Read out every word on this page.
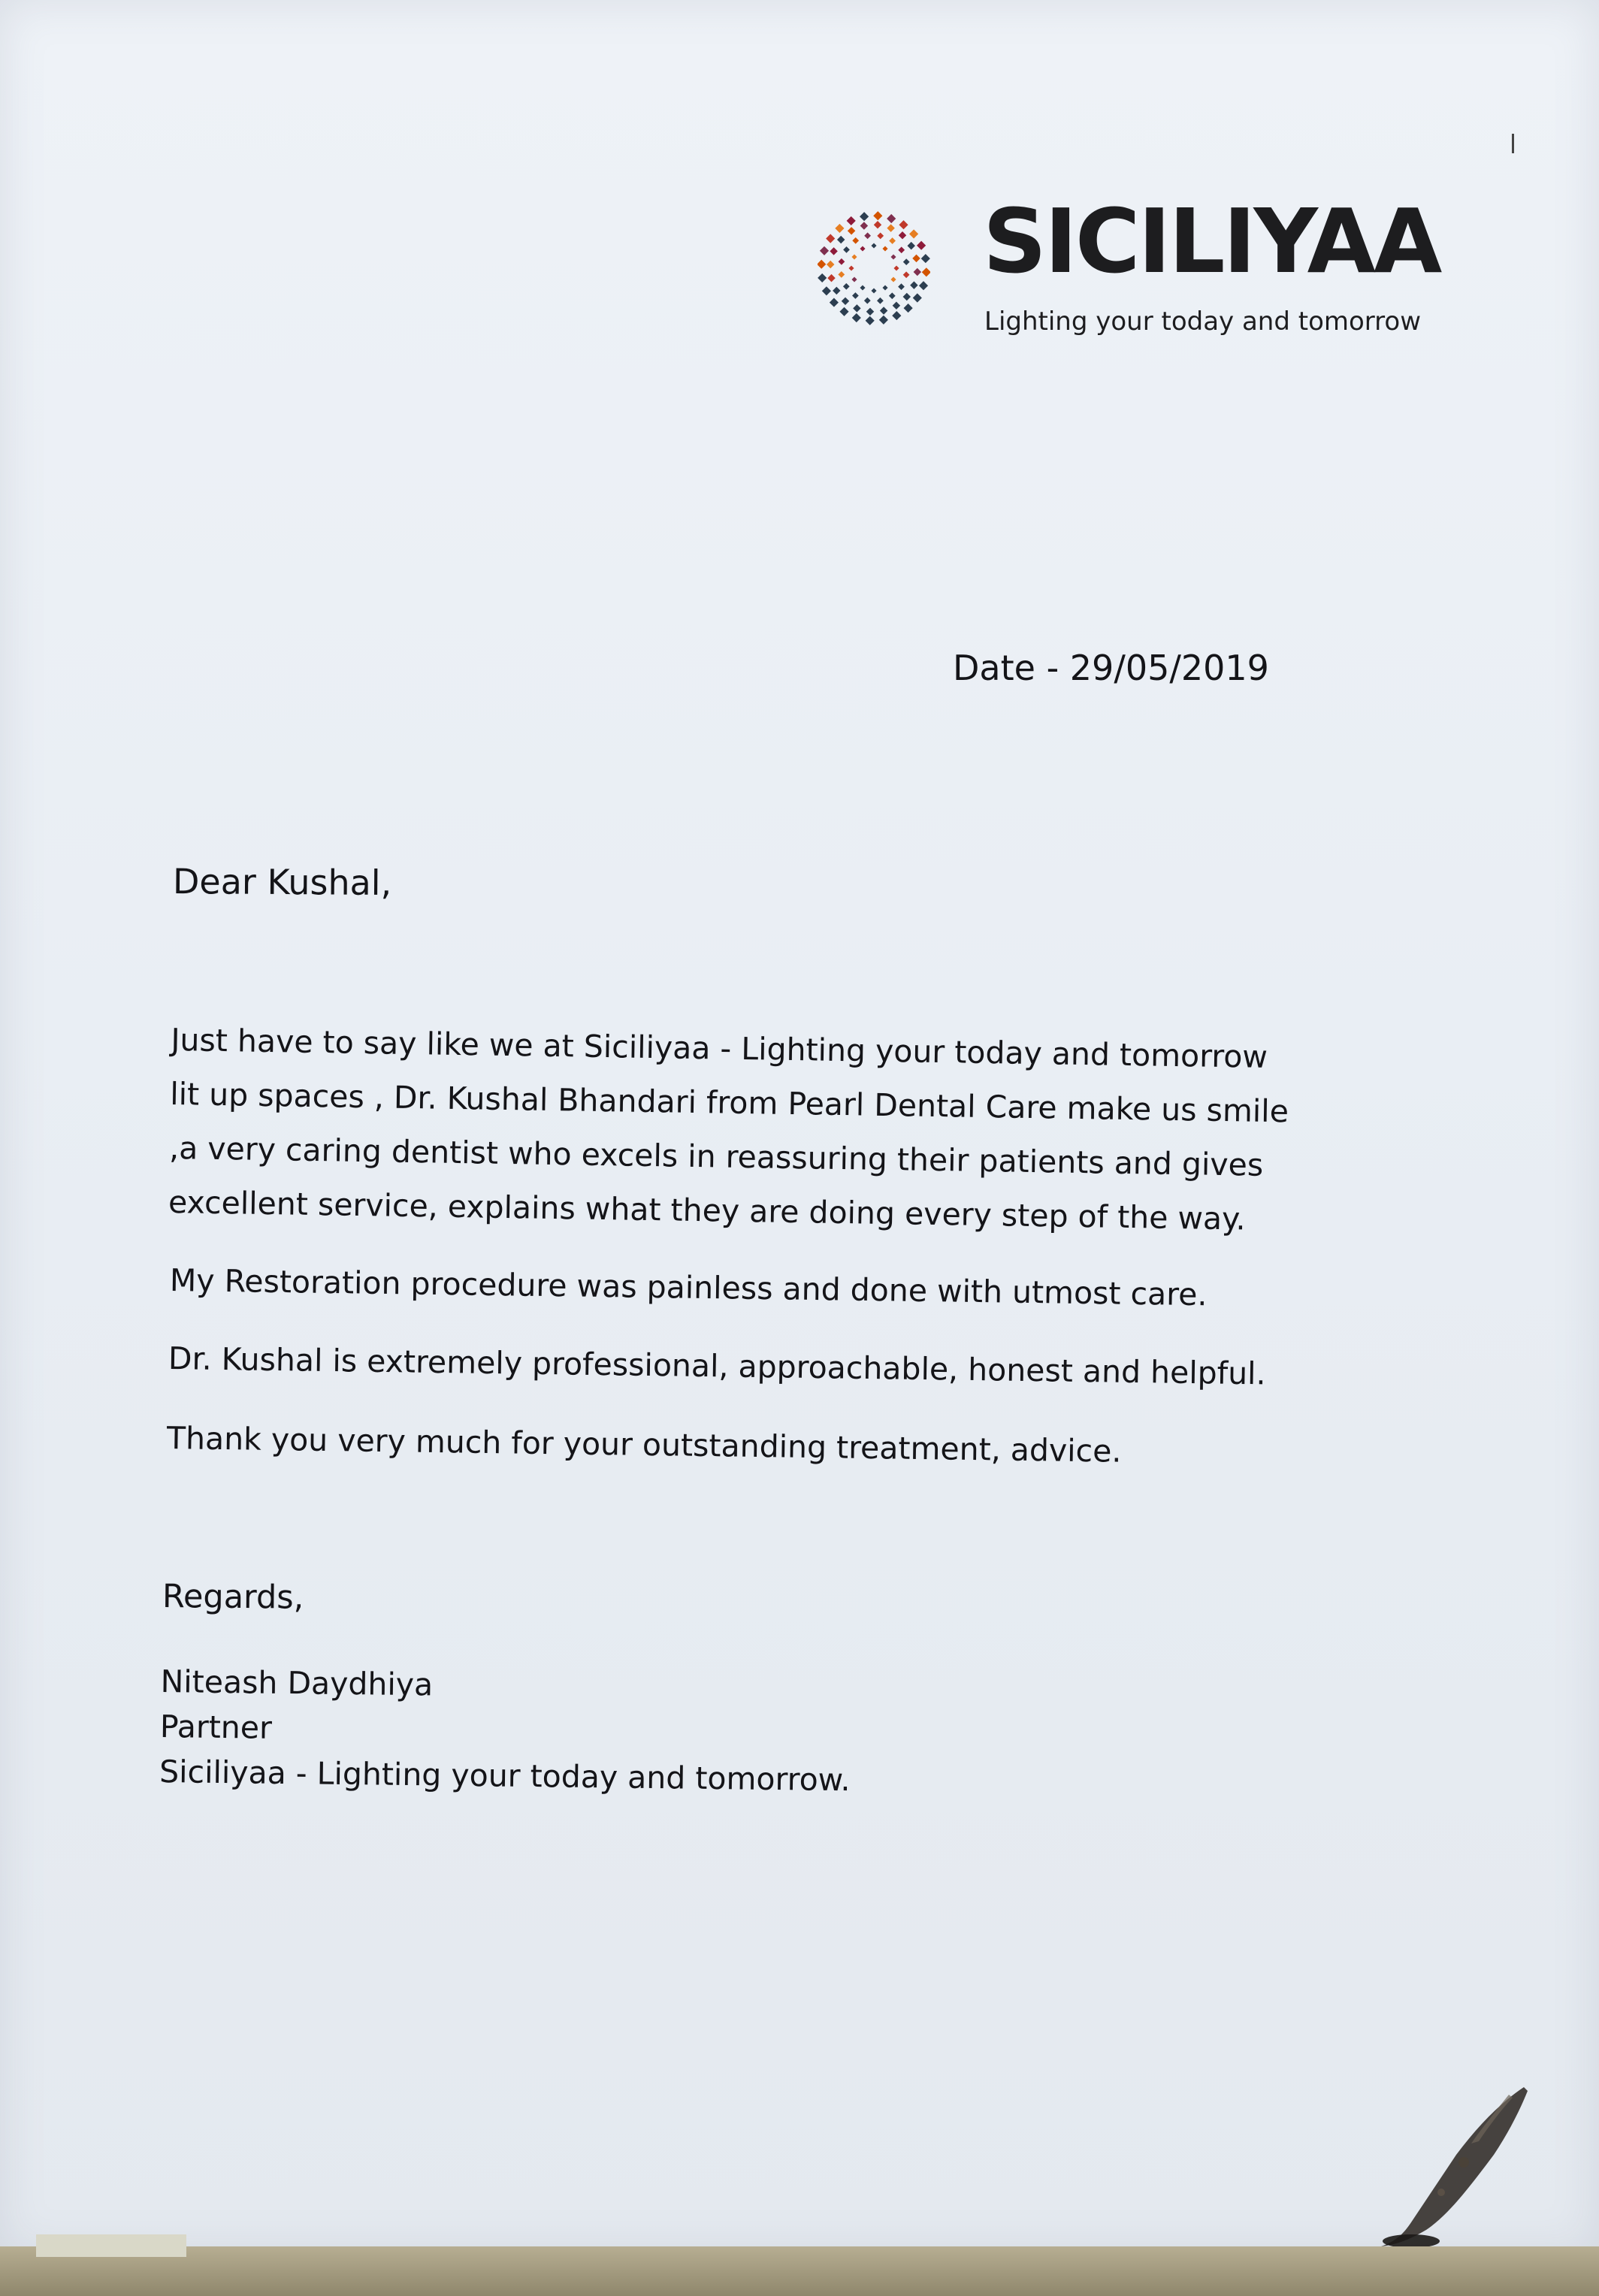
SICILIYAA
Lighting your today and tomorrow
Date - 29/05/2019
Dear Kushal,
Just have to say like we at Siciliyaa - Lighting your today and tomorrow
lit up spaces , Dr. Kushal Bhandari from Pearl Dental Care make us smile
,a very caring dentist who excels in reassuring their patients and gives
excellent service, explains what they are doing every step of the way.
My Restoration procedure was painless and done with utmost care.
Dr. Kushal is extremely professional, approachable, honest and helpful.
Thank you very much for your outstanding treatment, advice.
Regards,
Niteash Daydhiya
Partner
Siciliyaa - Lighting your today and tomorrow.
